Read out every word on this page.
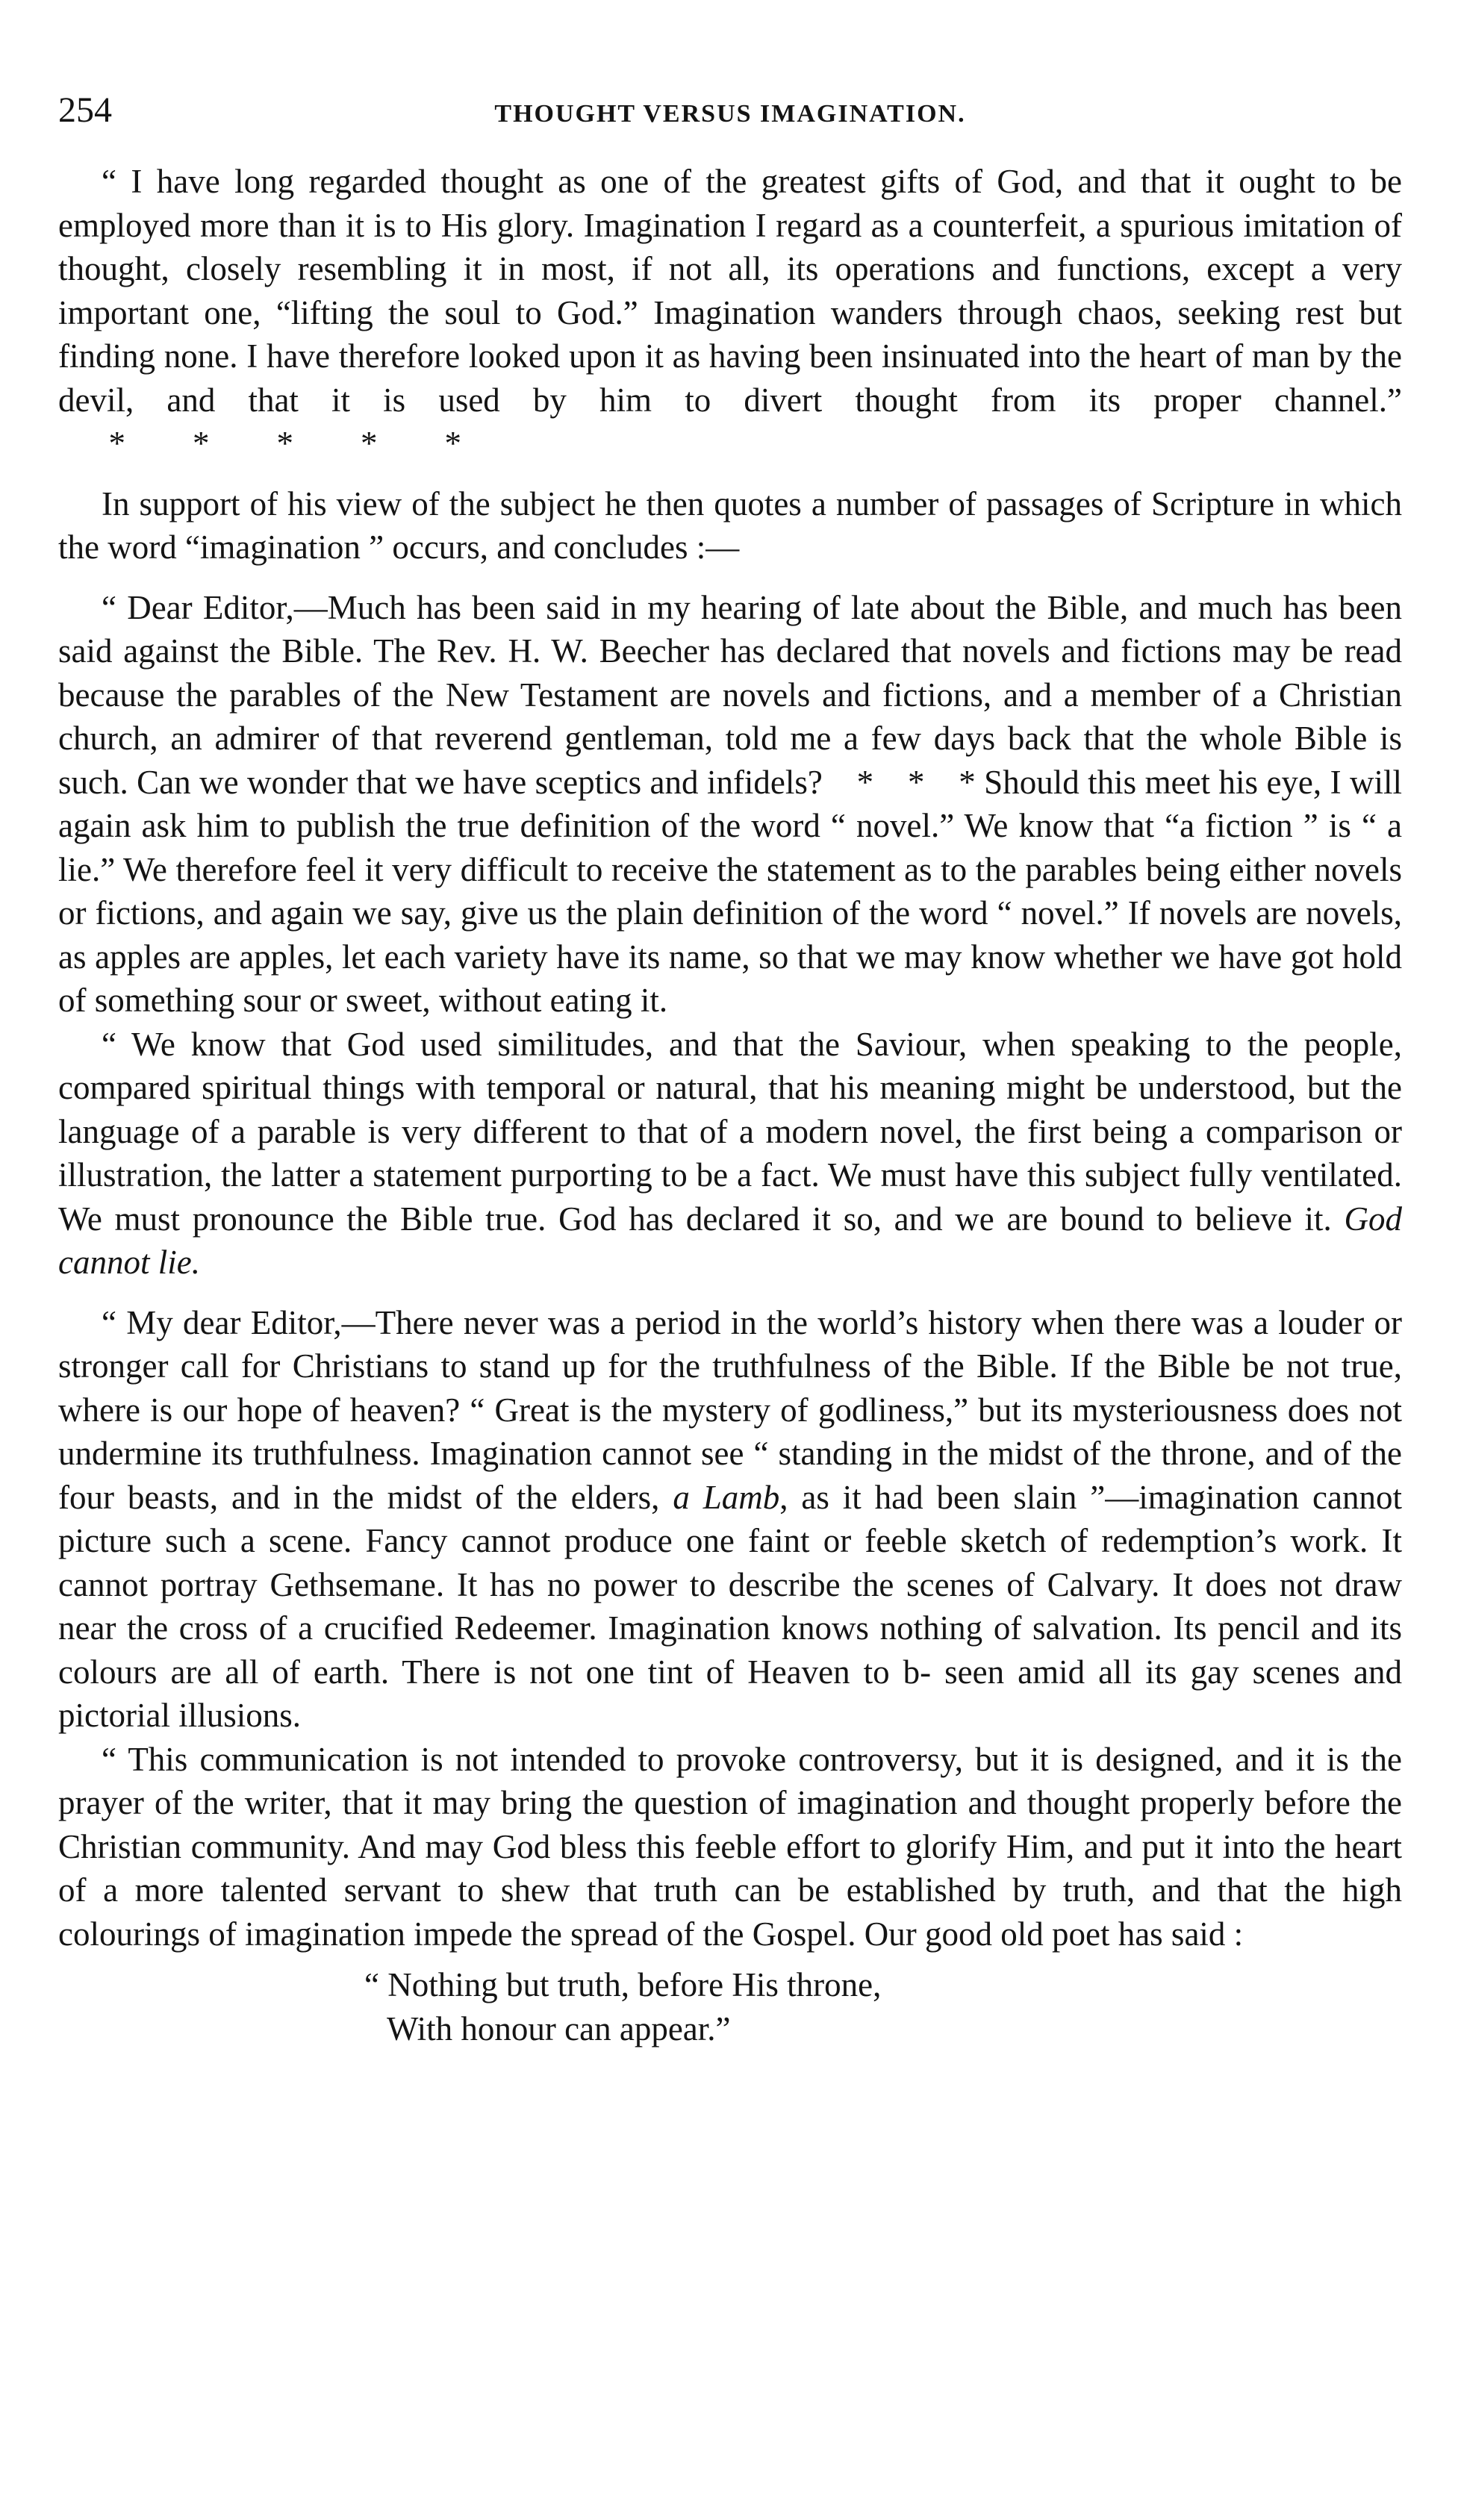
254	THOUGHT VERSUS IMAGINATION.

“ I have long regarded thought as one of the greatest gifts of God, and that it ought to be employed more than it is to His glory. Imagination I regard as a counterfeit, a spurious imitation of thought, closely resembling it in most, if not all, its operations and functions, except a very important one, “lifting the soul to God.” Imagination wanders through chaos, seeking rest but finding none. I have therefore looked upon it as having been insinuated into the heart of man by the devil, and that it is used by him to divert thought from its proper channel.”      *        *        *        *        *

In support of his view of the subject he then quotes a number of passages of Scripture in which the word “imagination ” occurs, and concludes :—

“ Dear Editor,—Much has been said in my hearing of late about the Bible, and much has been said against the Bible. The Rev. H. W. Beecher has declared that novels and fictions may be read because the parables of the New Testament are novels and fictions, and a member of a Christian church, an admirer of that reverend gentleman, told me a few days back that the whole Bible is such. Can we wonder that we have sceptics and infidels?    *    *    * Should this meet his eye, I will again ask him to publish the true definition of the word “ novel.” We know that “a fiction ” is “ a lie.” We therefore feel it very difficult to receive the statement as to the parables being either novels or fictions, and again we say, give us the plain definition of the word “ novel.” If novels are novels, as apples are apples, let each variety have its name, so that we may know whether we have got hold of something sour or sweet, without eating it.

“ We know that God used similitudes, and that the Saviour, when speaking to the people, compared spiritual things with temporal or natural, that his meaning might be understood, but the language of a parable is very different to that of a modern novel, the first being a comparison or illustration, the latter a statement purporting to be a fact. We must have this subject fully ventilated. We must pronounce the Bible true. God has declared it so, and we are bound to believe it. God cannot lie.

“ My dear Editor,—There never was a period in the world’s history when there was a louder or stronger call for Christians to stand up for the truthfulness of the Bible. If the Bible be not true, where is our hope of heaven? “ Great is the mystery of godliness,” but its mysteriousness does not undermine its truthfulness. Imagination cannot see “ standing in the midst of the throne, and of the four beasts, and in the midst of the elders, a Lamb, as it had been slain ”—imagination cannot picture such a scene. Fancy cannot produce one faint or feeble sketch of redemption’s work. It cannot portray Gethsemane. It has no power to describe the scenes of Calvary. It does not draw near the cross of a crucified Redeemer. Imagination knows nothing of salvation. Its pencil and its colours are all of earth. There is not one tint of Heaven to b‑ seen amid all its gay scenes and pictorial illusions.

“ This communication is not intended to provoke controversy, but it is designed, and it is the prayer of the writer, that it may bring the question of imagination and thought properly before the Christian community. And may God bless this feeble effort to glorify Him, and put it into the heart of a more talented servant to shew that truth can be established by truth, and that the high colourings of imagination impede the spread of the Gospel. Our good old poet has said :

“ Nothing but truth, before His throne,
With honour can appear.”
